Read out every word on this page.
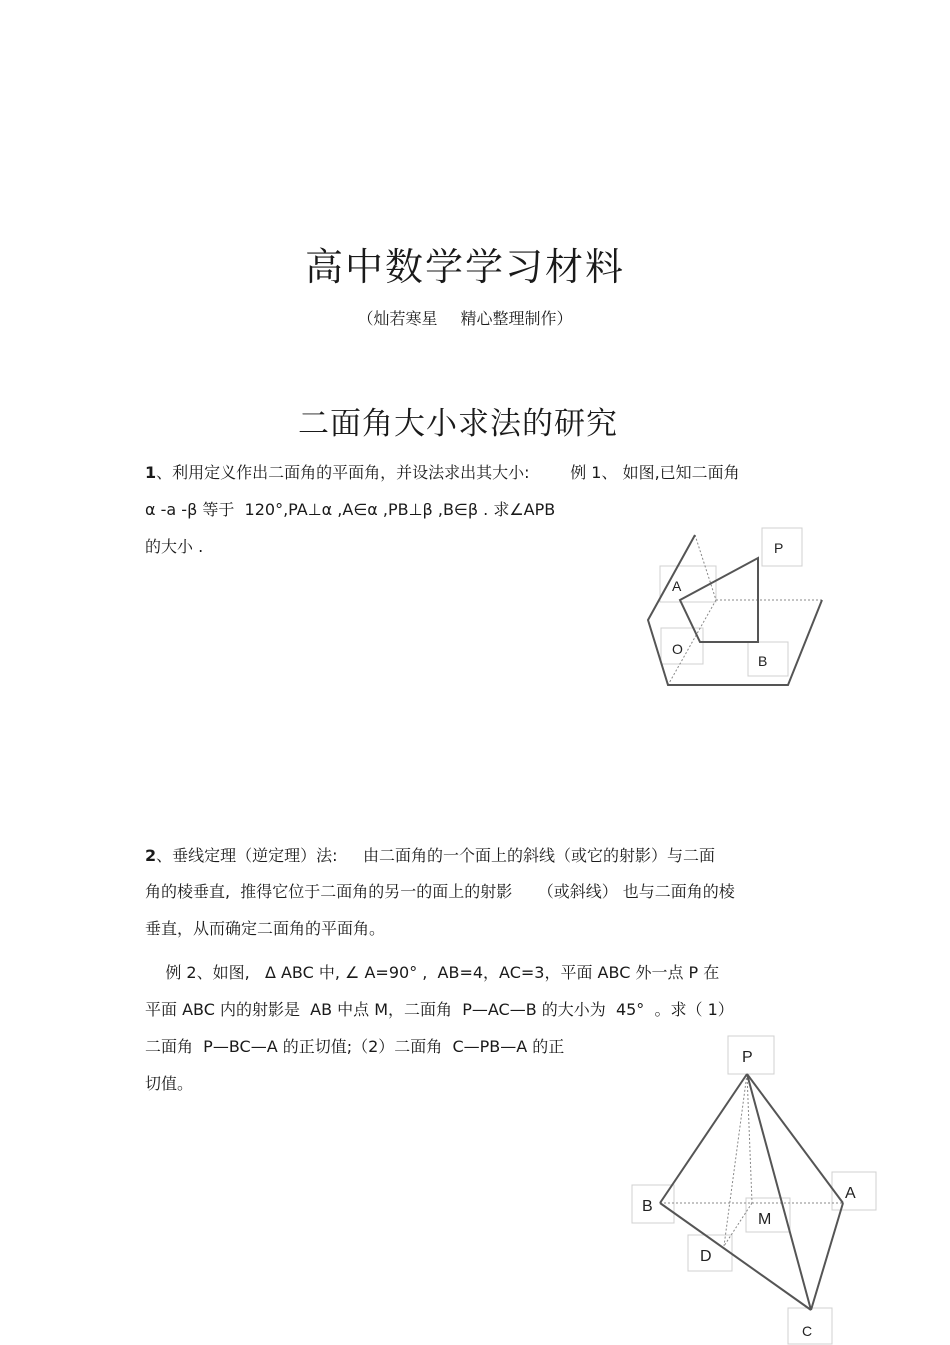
高中数学学习材料
（灿若寒星 精心整理制作）
二面角大小求法的研究
1、利用定义作出二面角的平面角，并设法求出其大小:        例 1、 如图,已知二面角
α -a -β 等于  120°,PA⊥α ,A∈α ,PB⊥β ,B∈β . 求∠APB
的大小 .	P
A
O
B
2、垂线定理（逆定理）法:     由二面角的一个面上的斜线（或它的射影）与二面
角的棱垂直,  推得它位于二面角的另一的面上的射影     （或斜线） 也与二面角的棱
垂直，从而确定二面角的平面角。
例 2、如图,   Δ ABC 中, ∠ A=90° ,  AB=4，AC=3，平面 ABC 外一点 P 在
平面 ABC 内的射影是  AB 中点 M，二面角  P—AC—B 的大小为  45°  。求（ 1）
二面角  P—BC—A 的正切值;（2）二面角  C—PB—A 的正
切值。
P
B
A
M
D
C
